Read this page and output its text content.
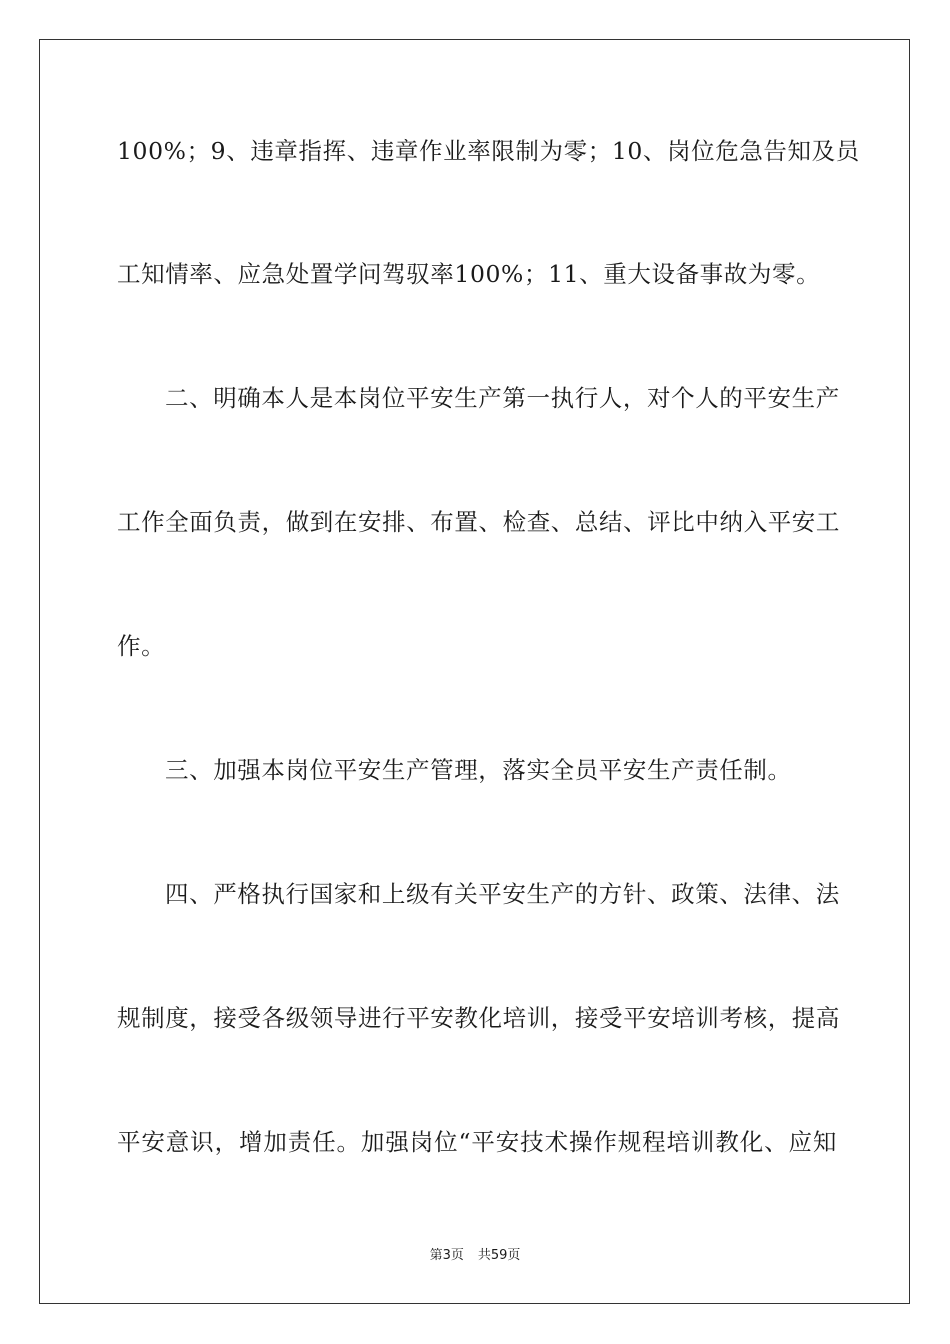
100%；9、违章指挥、违章作业率限制为零；10、岗位危急告知及员
工知情率、应急处置学问驾驭率100%；11、重大设备事故为零。
二、明确本人是本岗位平安生产第一执行人，对个人的平安生产
工作全面负责，做到在安排、布置、检查、总结、评比中纳入平安工
作。
三、加强本岗位平安生产管理，落实全员平安生产责任制。
四、严格执行国家和上级有关平安生产的方针、政策、法律、法
规制度，接受各级领导进行平安教化培训，接受平安培训考核，提高
平安意识，增加责任。加强岗位“平安技术操作规程培训教化、应知
第3页 共59页
